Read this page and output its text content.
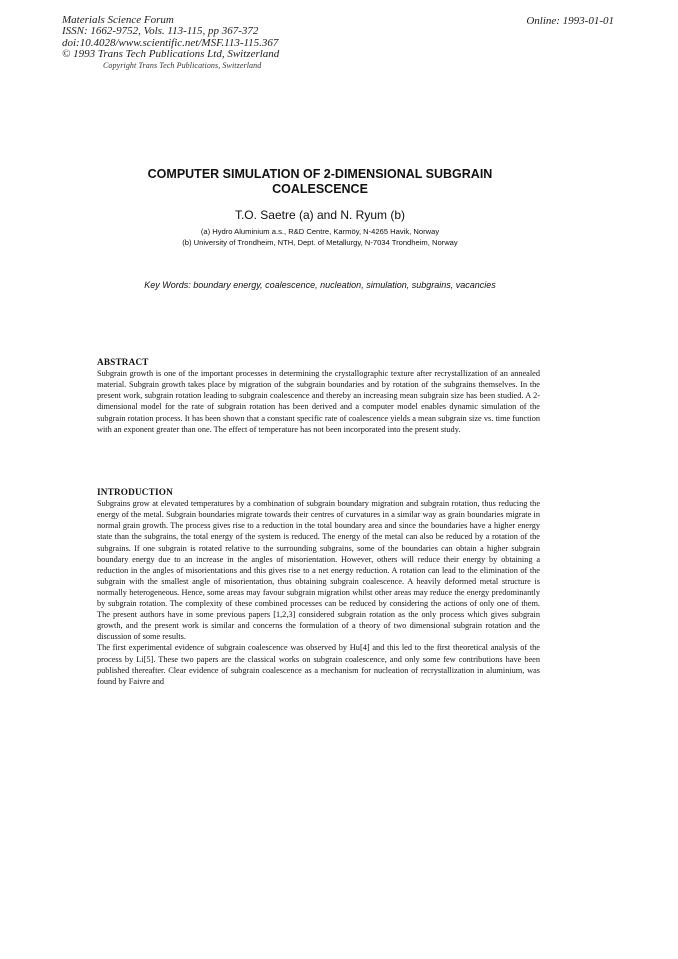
Materials Science Forum
ISSN: 1662-9752, Vols. 113-115, pp 367-372
doi:10.4028/www.scientific.net/MSF.113-115.367
© 1993 Trans Tech Publications Ltd, Switzerland
Online: 1993-01-01
Copyright Trans Tech Publications, Switzerland
COMPUTER SIMULATION OF 2-DIMENSIONAL SUBGRAIN
COALESCENCE
T.O. Saetre (a) and N. Ryum (b)
(a) Hydro Aluminium a.s., R&D Centre, Karmöy, N-4265 Havik, Norway
(b) University of Trondheim, NTH, Dept. of Metallurgy, N-7034 Trondheim, Norway
Key Words: boundary energy, coalescence, nucleation, simulation, subgrains, vacancies
ABSTRACT

Subgrain growth is one of the important processes in determining the crystallographic texture after recrystallization of an annealed material. Subgrain growth takes place by migration of the subgrain boundaries and by rotation of the subgrains themselves. In the present work, subgrain rotation leading to subgrain coalescence and thereby an increasing mean subgrain size has been studied. A 2-dimensional model for the rate of subgrain rotation has been derived and a computer model enables dynamic simulation of the subgrain rotation process. It has been shown that a constant specific rate of coalescence yields a mean subgrain size vs. time function with an exponent greater than one. The effect of temperature has not been incorporated into the present study.

INTRODUCTION

Subgrains grow at elevated temperatures by a combination of subgrain boundary migration and subgrain rotation, thus reducing the energy of the metal. Subgrain boundaries migrate towards their centres of curvatures in a similar way as grain boundaries migrate in normal grain growth. The process gives rise to a reduction in the total boundary area and since the boundaries have a higher energy state than the subgrains, the total energy of the system is reduced. The energy of the metal can also be reduced by a rotation of the subgrains. If one subgrain is rotated relative to the surrounding subgrains, some of the boundaries can obtain a higher subgrain boundary energy due to an increase in the angles of misorientation. However, others will reduce their energy by obtaining a reduction in the angles of misorientations and this gives rise to a net energy reduction. A rotation can lead to the elimination of the subgrain with the smallest angle of misorientation, thus obtaining subgrain coalescence. A heavily deformed metal structure is normally heterogeneous. Hence, some areas may favour subgrain migration whilst other areas may reduce the energy predominantly by subgrain rotation. The complexity of these combined processes can be reduced by considering the actions of only one of them. The present authors have in some previous papers [1,2,3] considered subgrain rotation as the only process which gives subgrain growth, and the present work is similar and concerns the formulation of a theory of two dimensional subgrain rotation and the discussion of some results.

The first experimental evidence of subgrain coalescence was observed by Hu[4] and this led to the first theoretical analysis of the process by Li[5]. These two papers are the classical works on subgrain coalescence, and only some few contributions have been published thereafter. Clear evidence of subgrain coalescence as a mechanism for nucleation of recrystallization in aluminium, was found by Faivre and
